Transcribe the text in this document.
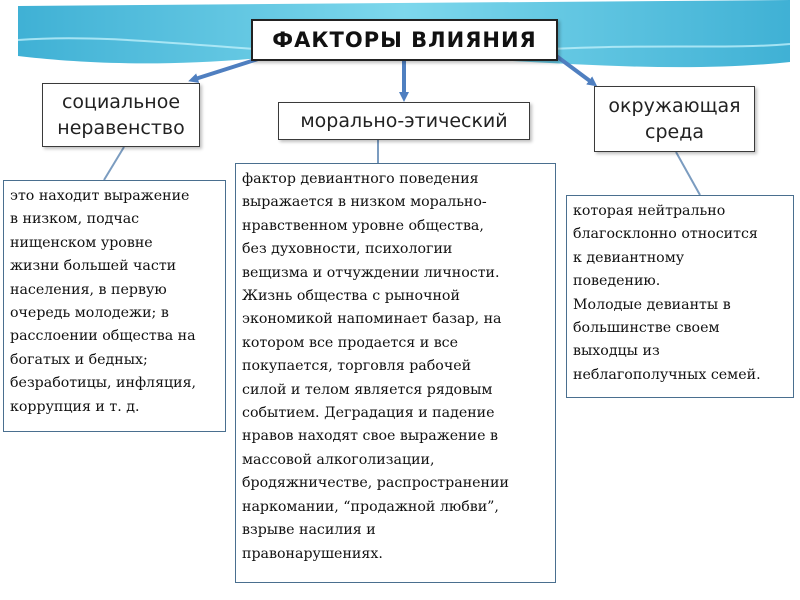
ФАКТОРЫ ВЛИЯНИЯ
социальное неравенство	морально-этический
окружающая среда
это находит выражение
в низком, подчас
нищенском уровне
жизни большей части
населения, в первую
очередь молодежи; в
расслоении общества на
богатых и бедных;
безработицы, инфляция,
коррупция и т. д.
фактор девиантного поведения
выражается в низком морально-
нравственном уровне общества,
без духовности, психологии
вещизма и отчуждении личности.
Жизнь общества с рыночной
экономикой напоминает базар, на
котором все продается и все
покупается, торговля рабочей
силой и телом является рядовым
событием. Деградация и падение
нравов находят свое выражение в
массовой алкоголизации,
бродяжничестве, распространении
наркомании, “продажной любви”,
взрыве насилия и
правонарушениях.
которая нейтрально
благосклонно относится
к девиантному
поведению.
Молодые девианты в
большинстве своем
выходцы из
неблагополучных семей.
